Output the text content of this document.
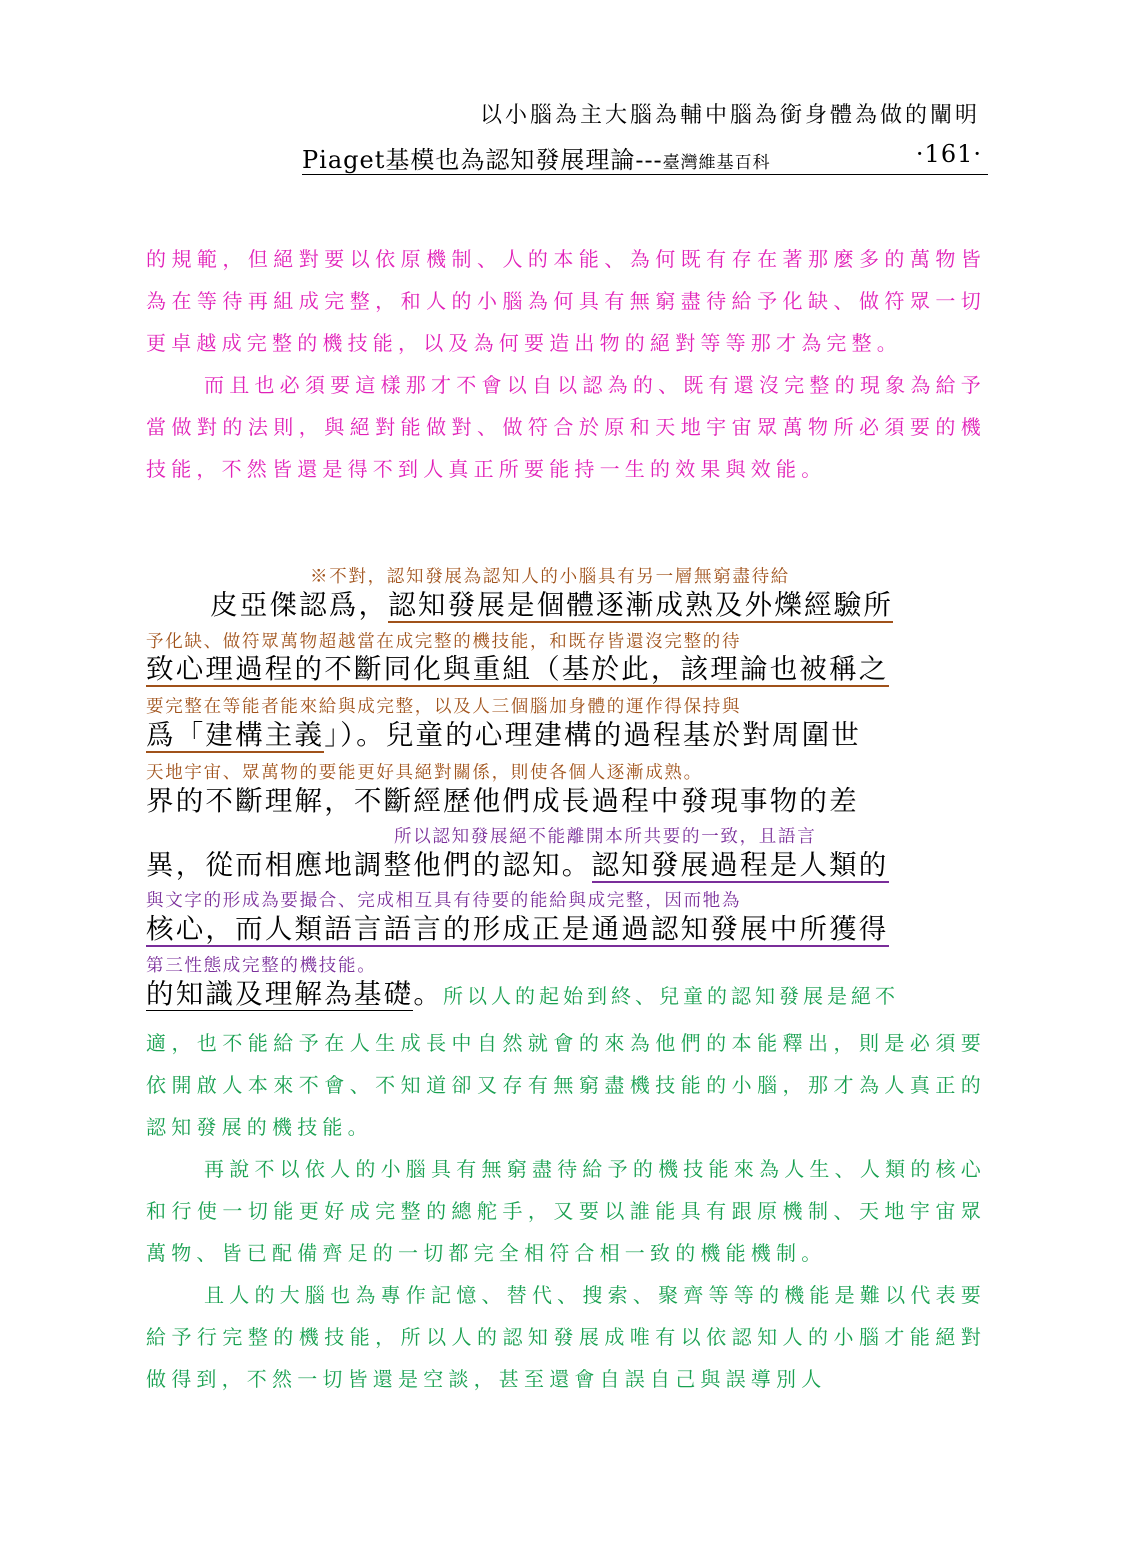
以小腦為主大腦為輔中腦為銜身體為做的闡明
Piaget基模也為認知發展理論---臺灣維基百科	·161·

的規範，但絕對要以依原機制、人的本能、為何既有存在著那麼多的萬物皆為在等待再組成完整，和人的小腦為何具有無窮盡待給予化缺、做符眾一切更卓越成完整的機技能，以及為何要造出物的絕對等等那才為完整。

而且也必須要這樣那才不會以自以認為的、既有還沒完整的現象為給予當做對的法則，與絕對能做對、做符合於原和天地宇宙眾萬物所必須要的機技能，不然皆還是得不到人真正所要能持一生的效果與效能。

※不對，認知發展為認知人的小腦具有另一層無窮盡待給
皮亞傑認爲，認知發展是個體逐漸成熟及外爍經驗所
予化缺、做符眾萬物超越當在成完整的機技能，和既存皆還沒完整的待
致心理過程的不斷同化與重組（基於此，該理論也被稱之
要完整在等能者能來給與成完整，以及人三個腦加身體的運作得保持與
爲「建構主義」）。兒童的心理建構的過程基於對周圍世
天地宇宙、眾萬物的要能更好具絕對關係，則使各個人逐漸成熟。
界的不斷理解，不斷經歷他們成長過程中發現事物的差
所以認知發展絕不能離開本所共要的一致，且語言
異，從而相應地調整他們的認知。認知發展過程是人類的
與文字的形成為要撮合、完成相互具有待要的能給與成完整，因而牠為
核心，而人類語言語言的形成正是通過認知發展中所獲得
第三性態成完整的機技能。
的知識及理解為基礎。所以人的起始到終、兒童的認知發展是絕不

適，也不能給予在人生成長中自然就會的來為他們的本能釋出，則是必須要依開啟人本來不會、不知道卻又存有無窮盡機技能的小腦，那才為人真正的認知發展的機技能。

再說不以依人的小腦具有無窮盡待給予的機技能來為人生、人類的核心和行使一切能更好成完整的總舵手，又要以誰能具有跟原機制、天地宇宙眾萬物、皆已配備齊足的一切都完全相符合相一致的機能機制。

且人的大腦也為專作記憶、替代、搜索、聚齊等等的機能是難以代表要給予行完整的機技能，所以人的認知發展成唯有以依認知人的小腦才能絕對做得到，不然一切皆還是空談，甚至還會自誤自己與誤導別人
